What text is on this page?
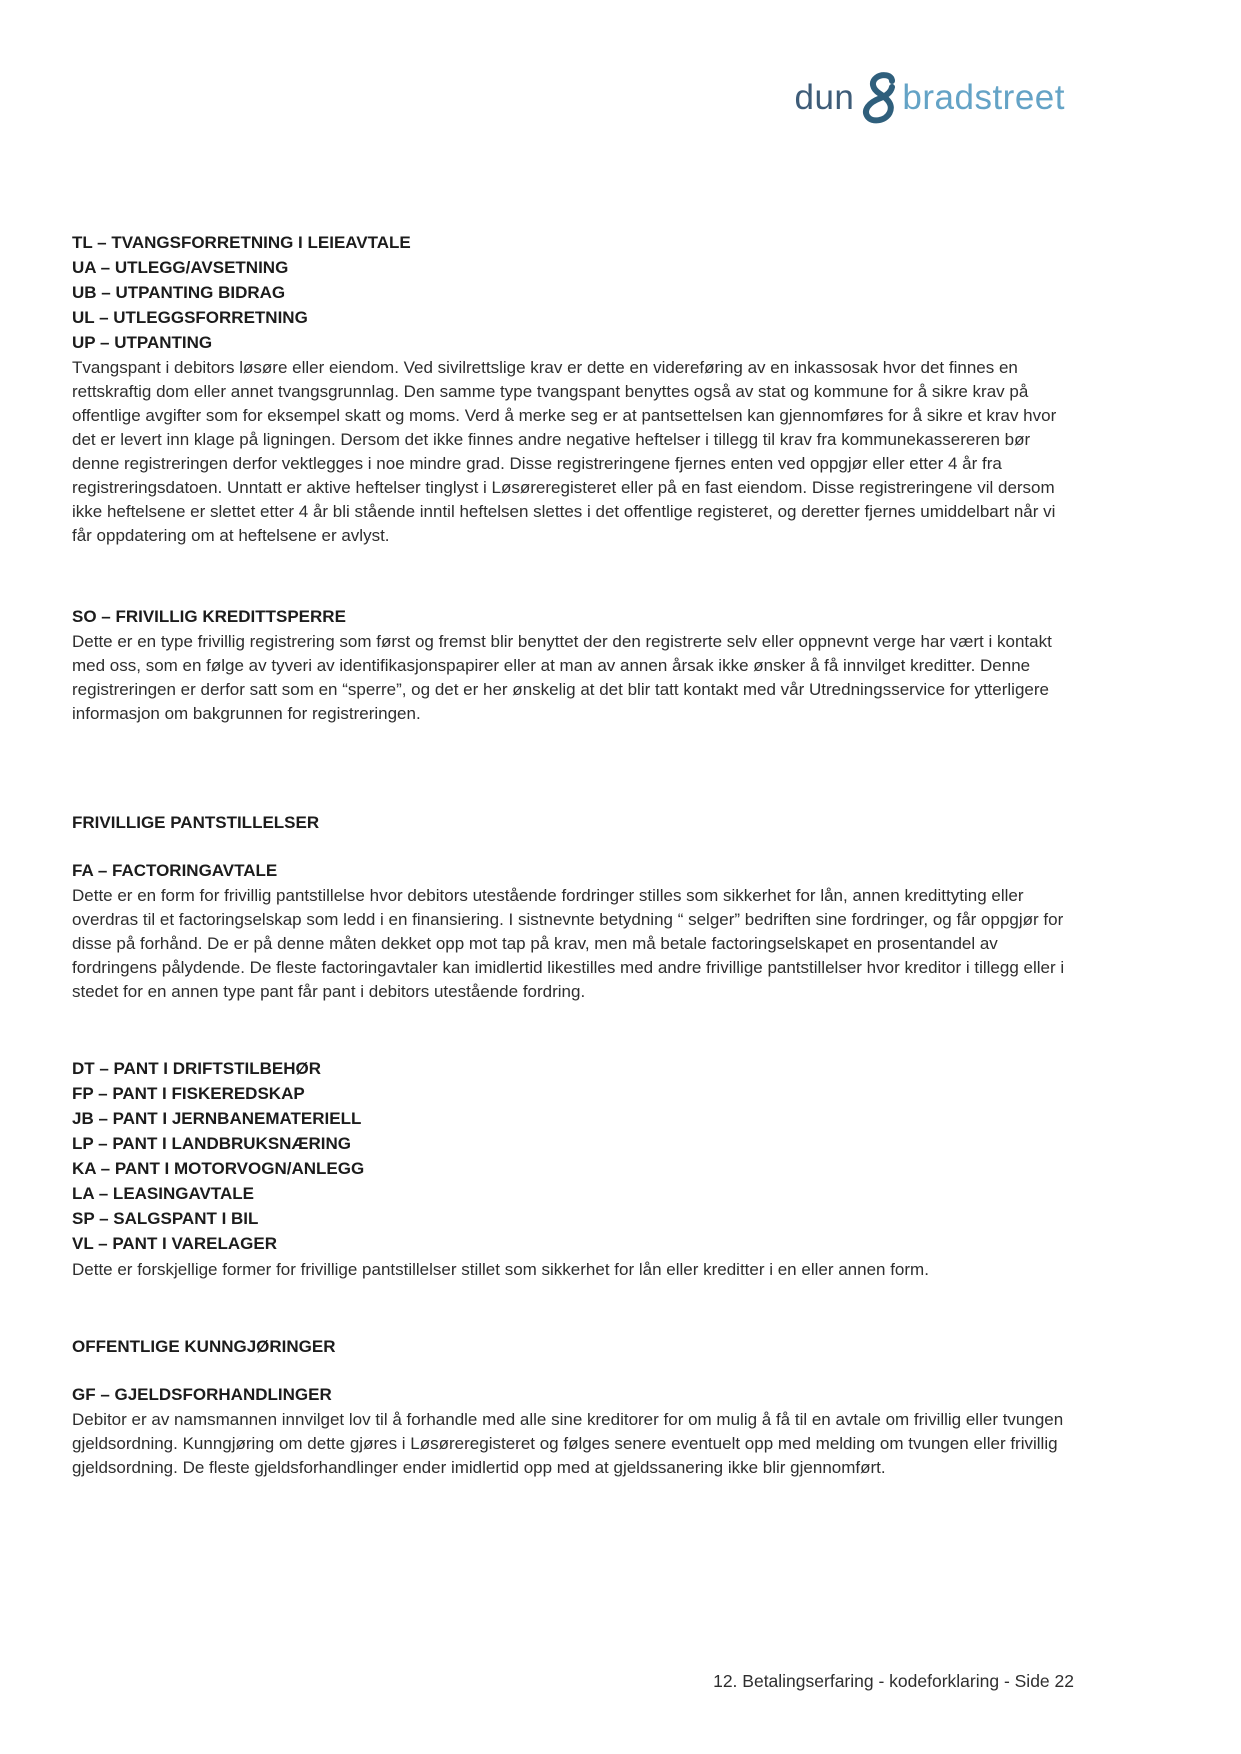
dun bradstreet
TL – TVANGSFORRETNING I LEIEAVTALE
UA – UTLEGG/AVSETNING
UB – UTPANTING BIDRAG
UL – UTLEGGSFORRETNING
UP – UTPANTING

Tvangspant i debitors løsøre eller eiendom. Ved sivilrettslige krav er dette en videreføring av en inkassosak hvor det finnes en rettskraftig dom eller annet tvangsgrunnlag. Den samme type tvangspant benyttes også av stat og kommune for å sikre krav på offentlige avgifter som for eksempel skatt og moms. Verd å merke seg er at pantsettelsen kan gjennomføres for å sikre et krav hvor det er levert inn klage på ligningen. Dersom det ikke finnes andre negative heftelser i tillegg til krav fra kommunekassereren bør denne registreringen derfor vektlegges i noe mindre grad. Disse registreringene fjernes enten ved oppgjør eller etter 4 år fra registreringsdatoen. Unntatt er aktive heftelser tinglyst i Løsøreregisteret eller på en fast eiendom. Disse registreringene vil dersom ikke heftelsene er slettet etter 4 år bli stående inntil heftelsen slettes i det offentlige registeret, og deretter fjernes umiddelbart når vi får oppdatering om at heftelsene er avlyst.

SO – FRIVILLIG KREDITTSPERRE

Dette er en type frivillig registrering som først og fremst blir benyttet der den registrerte selv eller oppnevnt verge har vært i kontakt med oss, som en følge av tyveri av identifikasjonspapirer eller at man av annen årsak ikke ønsker å få innvilget kreditter. Denne registreringen er derfor satt som en “sperre”, og det er her ønskelig at det blir tatt kontakt med vår Utredningsservice for ytterligere informasjon om bakgrunnen for registreringen.

FRIVILLIGE PANTSTILLELSER
FA – FACTORINGAVTALE

Dette er en form for frivillig pantstillelse hvor debitors utestående fordringer stilles som sikkerhet for lån, annen kredittyting eller overdras til et factoringselskap som ledd i en finansiering. I sistnevnte betydning “ selger” bedriften sine fordringer, og får oppgjør for disse på forhånd. De er på denne måten dekket opp mot tap på krav, men må betale factoringselskapet en prosentandel av fordringens pålydende. De fleste factoringavtaler kan imidlertid likestilles med andre frivillige pantstillelser hvor kreditor i tillegg eller i stedet for en annen type pant får pant i debitors utestående fordring.

DT – PANT I DRIFTSTILBEHØR
FP – PANT I FISKEREDSKAP
JB – PANT I JERNBANEMATERIELL
LP – PANT I LANDBRUKSNÆRING
KA – PANT I MOTORVOGN/ANLEGG
LA – LEASINGAVTALE
SP – SALGSPANT I BIL
VL – PANT I VARELAGER

Dette er forskjellige former for frivillige pantstillelser stillet som sikkerhet for lån eller kreditter i en eller annen form.

OFFENTLIGE KUNNGJØRINGER
GF – GJELDSFORHANDLINGER

Debitor er av namsmannen innvilget lov til å forhandle med alle sine kreditorer for om mulig å få til en avtale om frivillig eller tvungen gjeldsordning. Kunngjøring om dette gjøres i Løsøreregisteret og følges senere eventuelt opp med melding om tvungen eller frivillig gjeldsordning. De fleste gjeldsforhandlinger ender imidlertid opp med at gjeldssanering ikke blir gjennomført.

12. Betalingserfaring - kodeforklaring - Side 22
